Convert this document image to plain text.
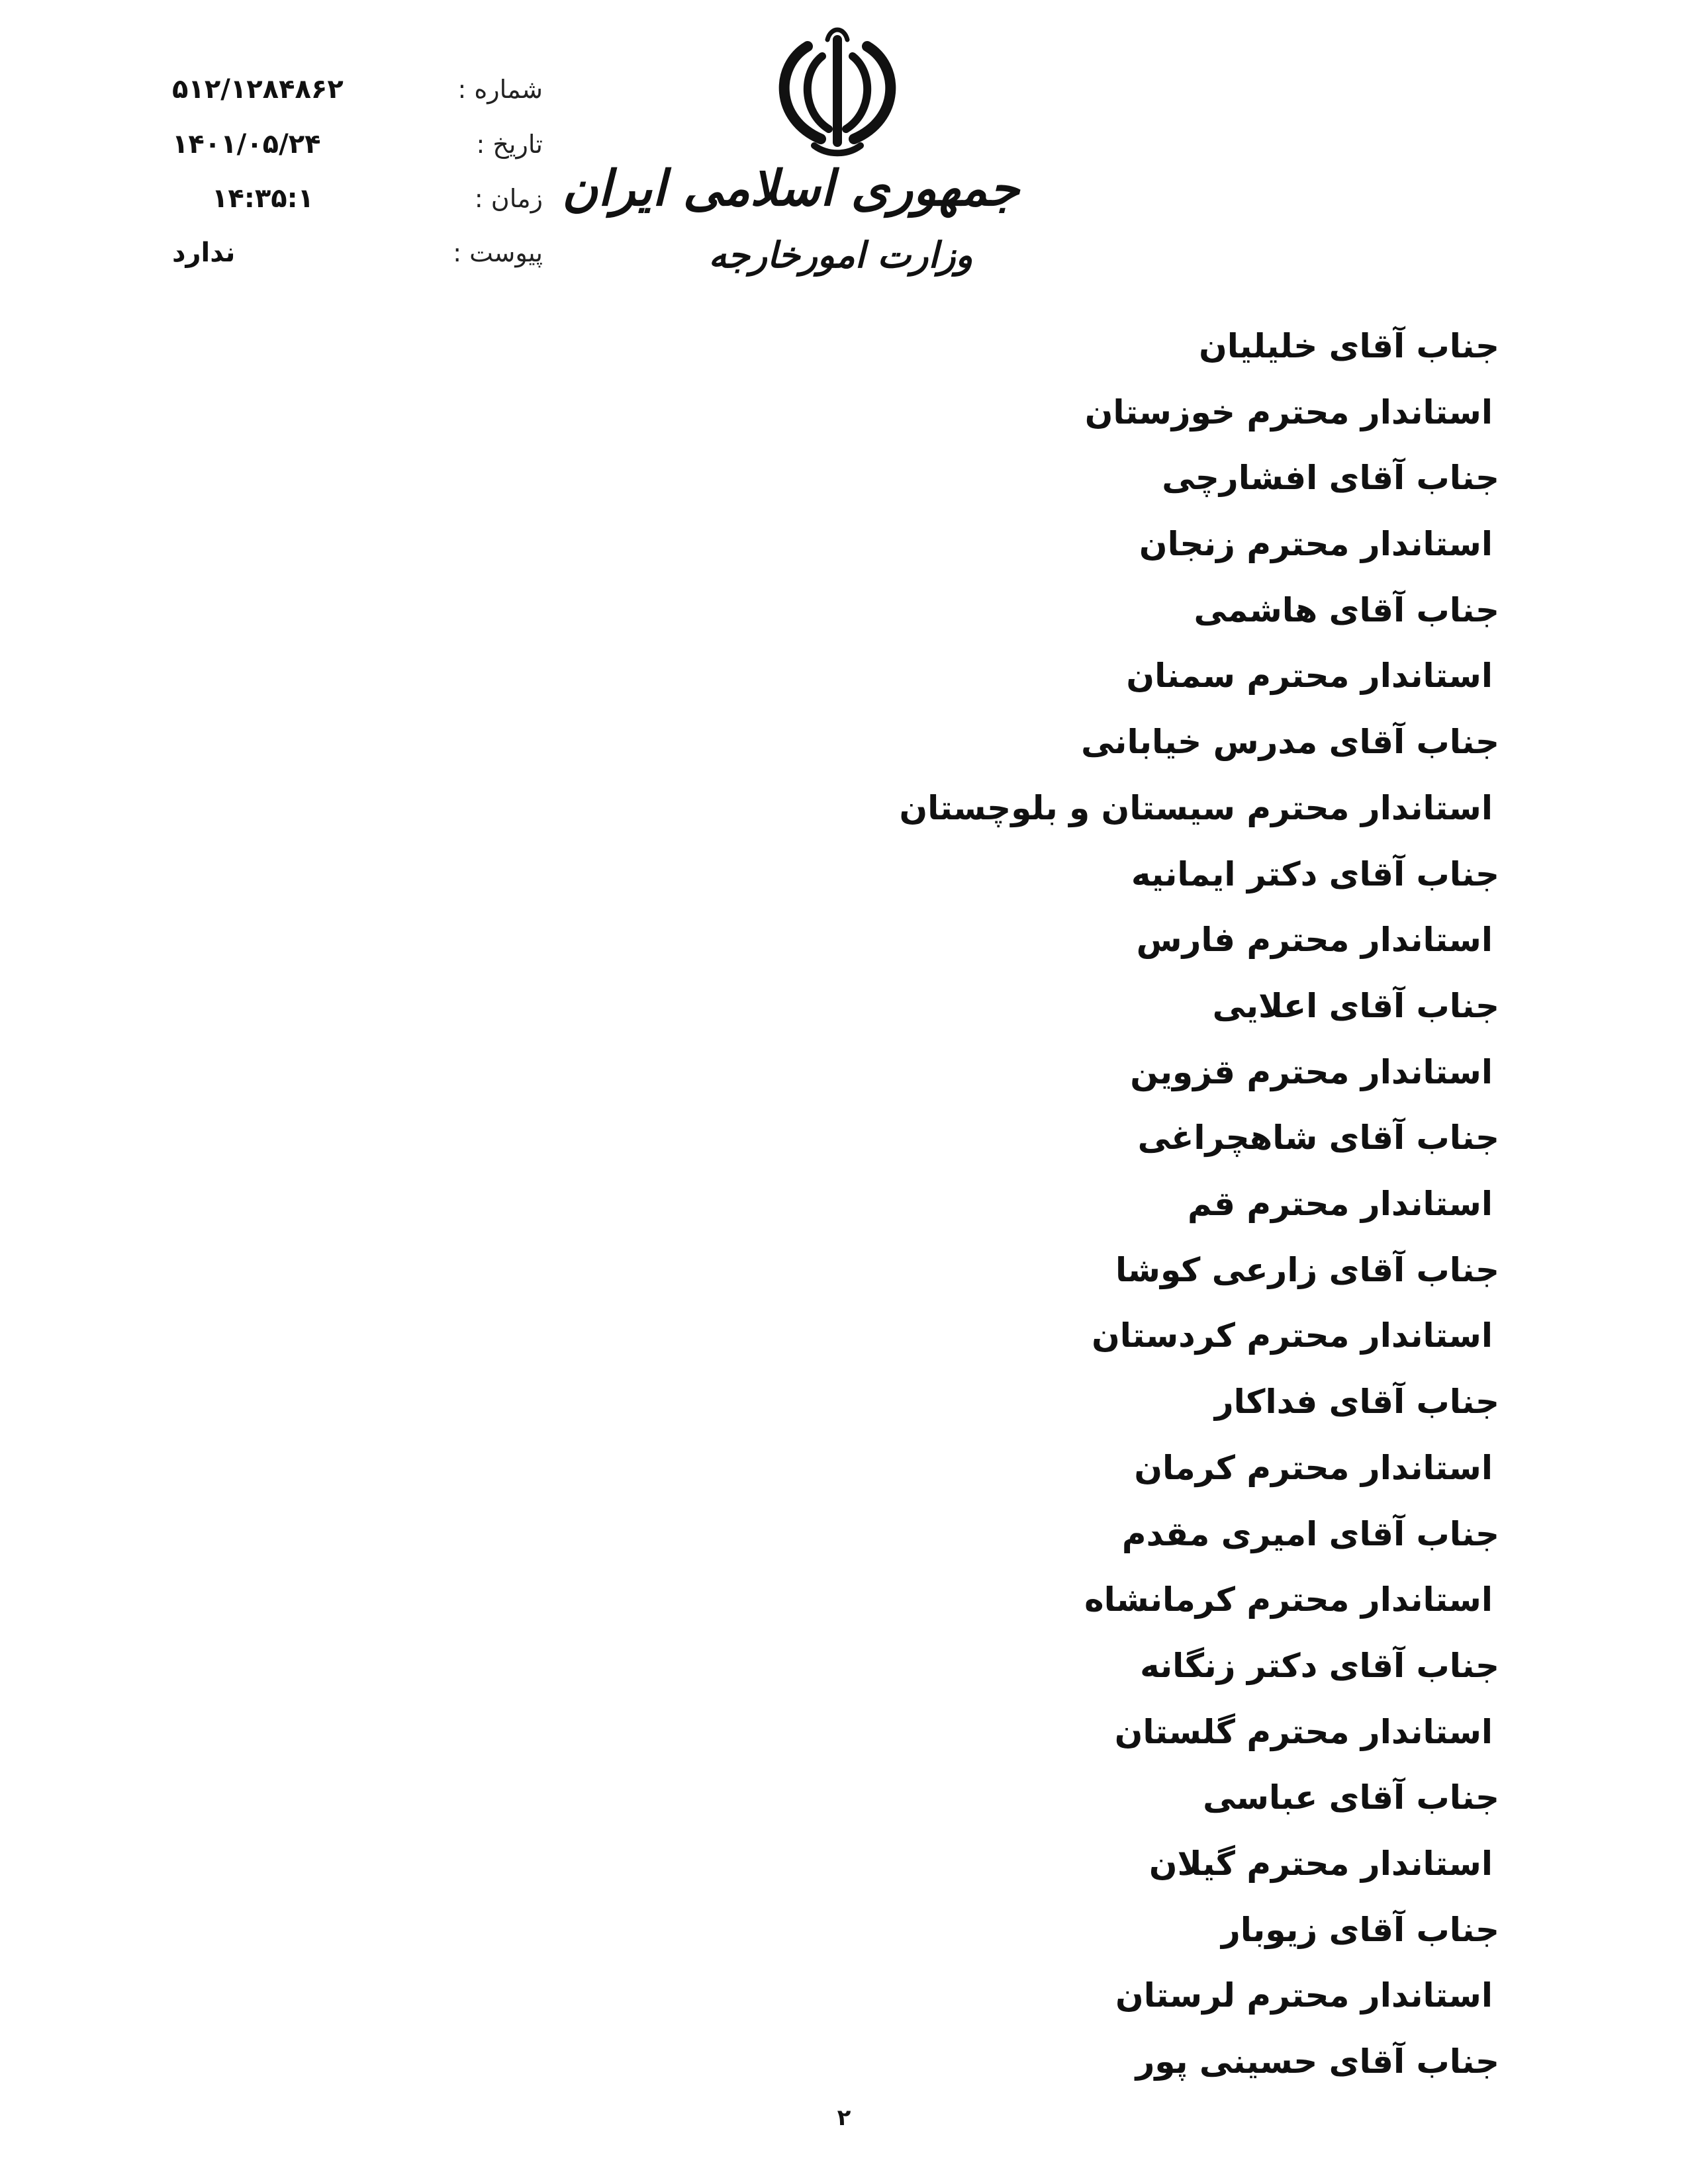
جمهوری اسلامی ایران
وزارت امورخارجه
شماره :
۵۱۲/۱۲۸۴۸۶۲
تاریخ :
۱۴۰۱/۰۵/۲۴
زمان :
۱۴:۳۵:۱
پیوست :
ندارد
جناب آقای خلیلیان
استاندار محترم خوزستان
جناب آقای افشارچی
استاندار محترم زنجان
جناب آقای هاشمی
استاندار محترم سمنان
جناب آقای مدرس خیابانی
استاندار محترم سیستان و بلوچستان
جناب آقای دکتر ایمانیه
استاندار محترم فارس
جناب آقای اعلایی
استاندار محترم قزوین
جناب آقای شاهچراغی
استاندار محترم قم
جناب آقای زارعی کوشا
استاندار محترم کردستان
جناب آقای فداکار
استاندار محترم کرمان
جناب آقای امیری مقدم
استاندار محترم کرمانشاه
جناب آقای دکتر زنگانه
استاندار محترم گلستان
جناب آقای عباسی
استاندار محترم گیلان
جناب آقای زیوبار
استاندار محترم لرستان
جناب آقای حسینی پور
۲
